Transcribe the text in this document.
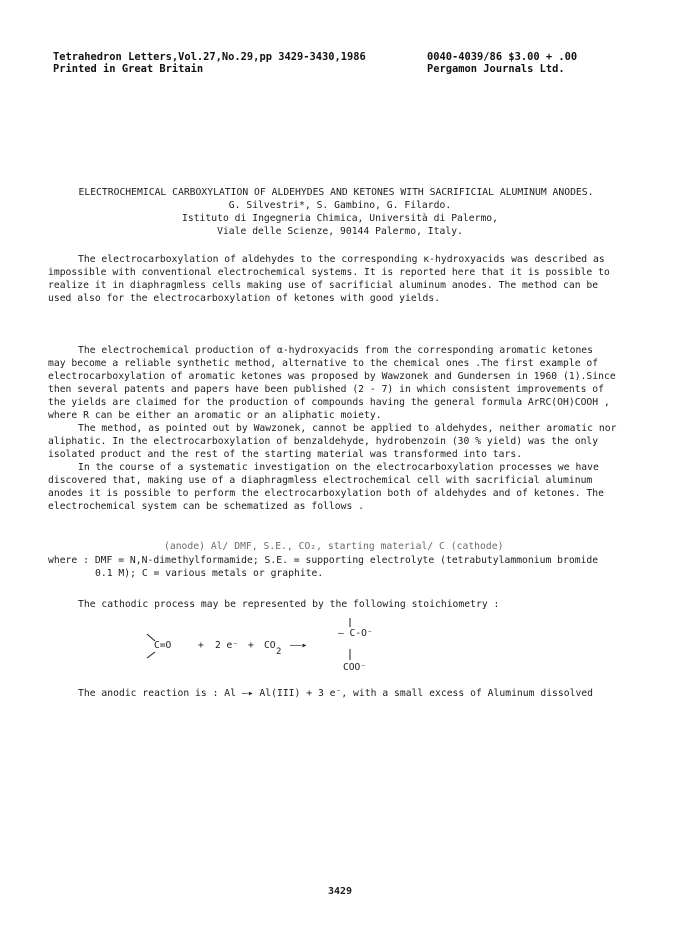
Tetrahedron Letters,Vol.27,No.29,pp 3429-3430,1986
Printed in Great Britain
0040-4039/86 $3.00 + .00
Pergamon Journals Ltd.
ELECTROCHEMICAL CARBOXYLATION OF ALDEHYDES AND KETONES WITH SACRIFICIAL ALUMINUM ANODES.
G. Silvestri*, S. Gambino, G. Filardo.
Istituto di Ingegneria Chimica, Università di Palermo,
Viale delle Scienze, 90144 Palermo, Italy.
The electrocarboxylation of aldehydes to the corresponding κ-hydroxyacids was described as
impossible with conventional electrochemical systems. It is reported here that it is possible to
realize it in diaphragmless cells making use of sacrificial aluminum anodes. The method can be
used also for the electrocarboxylation of ketones with good yields.
The electrochemical production of α-hydroxyacids from the corresponding aromatic ketones
may become a reliable synthetic method, alternative to the chemical ones .The first example of
electrocarboxylation of aromatic ketones was proposed by Wawzonek and Gundersen in 1960 (1).Since
then several patents and papers have been published (2 - 7) in which consistent improvements of
the yields are claimed for the production of compounds having the general formula ArRC(OH)COOH ,
where R can be either an aromatic or an aliphatic moiety.
The method, as pointed out by Wawzonek, cannot be applied to aldehydes, neither aromatic nor
aliphatic. In the electrocarboxylation of benzaldehyde, hydrobenzoin (30 % yield) was the only
isolated product and the rest of the starting material was transformed into tars.
In the course of a systematic investigation on the electrocarboxylation processes we have
discovered that, making use of a diaphragmless electrochemical cell with sacrificial aluminum
anodes it is possible to perform the electrocarboxylation both of aldehydes and of ketones. The
electrochemical system can be schematized as follows .
(anode) Al/ DMF, S.E., CO₂, starting material/ C (cathode)
where : DMF = N,N-dimethylformamide; S.E. = supporting electrolyte (tetrabutylammonium bromide
0.1 M); C = various metals or graphite.
The cathodic process may be represented by the following stoichiometry :
C=O	+ 2 e⁻ + CO
2
——▸
— C-O⁻
COO⁻
The anodic reaction is : Al —▸ Al(III) + 3 e⁻, with a small excess of Aluminum dissolved
3429
